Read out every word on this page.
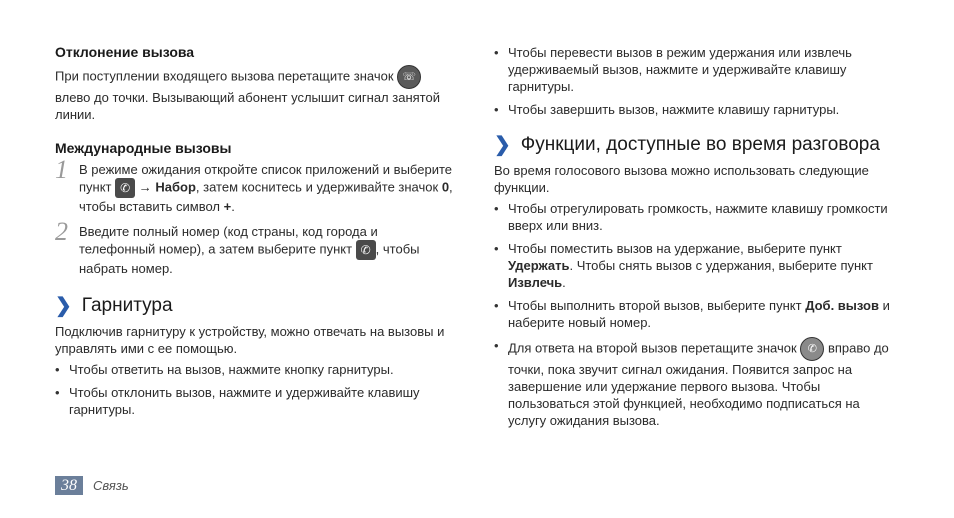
Отклонение вызова

При поступлении входящего вызова перетащите значок ☏ влево до точки. Вызывающий абонент услышит сигнал занятой линии.

Международные вызовы
1 В режиме ожидания откройте список приложений и выберите пункт ✆ → Набор, затем коснитесь и удерживайте значок 0, чтобы вставить символ +.
2 Введите полный номер (код страны, код города и телефонный номер), а затем выберите пункт ✆ , чтобы набрать номер.
❯ Гарнитура

Подключив гарнитуру к устройству, можно отвечать на вызовы и управлять ими с ее помощью.

• Чтобы ответить на вызов, нажмите кнопку гарнитуры.
• Чтобы отклонить вызов, нажмите и удерживайте клавишу гарнитуры.
• Чтобы перевести вызов в режим удержания или извлечь удерживаемый вызов, нажмите и удерживайте клавишу гарнитуры.
• Чтобы завершить вызов, нажмите клавишу гарнитуры.
❯ Функции, доступные во время разговора

Во время голосового вызова можно использовать следующие функции.

• Чтобы отрегулировать громкость, нажмите клавишу громкости вверх или вниз.
• Чтобы поместить вызов на удержание, выберите пункт Удержать. Чтобы снять вызов с удержания, выберите пункт Извлечь.
• Чтобы выполнить второй вызов, выберите пункт Доб. вызов и наберите новый номер.
• Для ответа на второй вызов перетащите значок ✆ вправо до точки, пока звучит сигнал ожидания. Появится запрос на завершение или удержание первого вызова. Чтобы пользоваться этой функцией, необходимо подписаться на услугу ожидания вызова.
38	Связь
